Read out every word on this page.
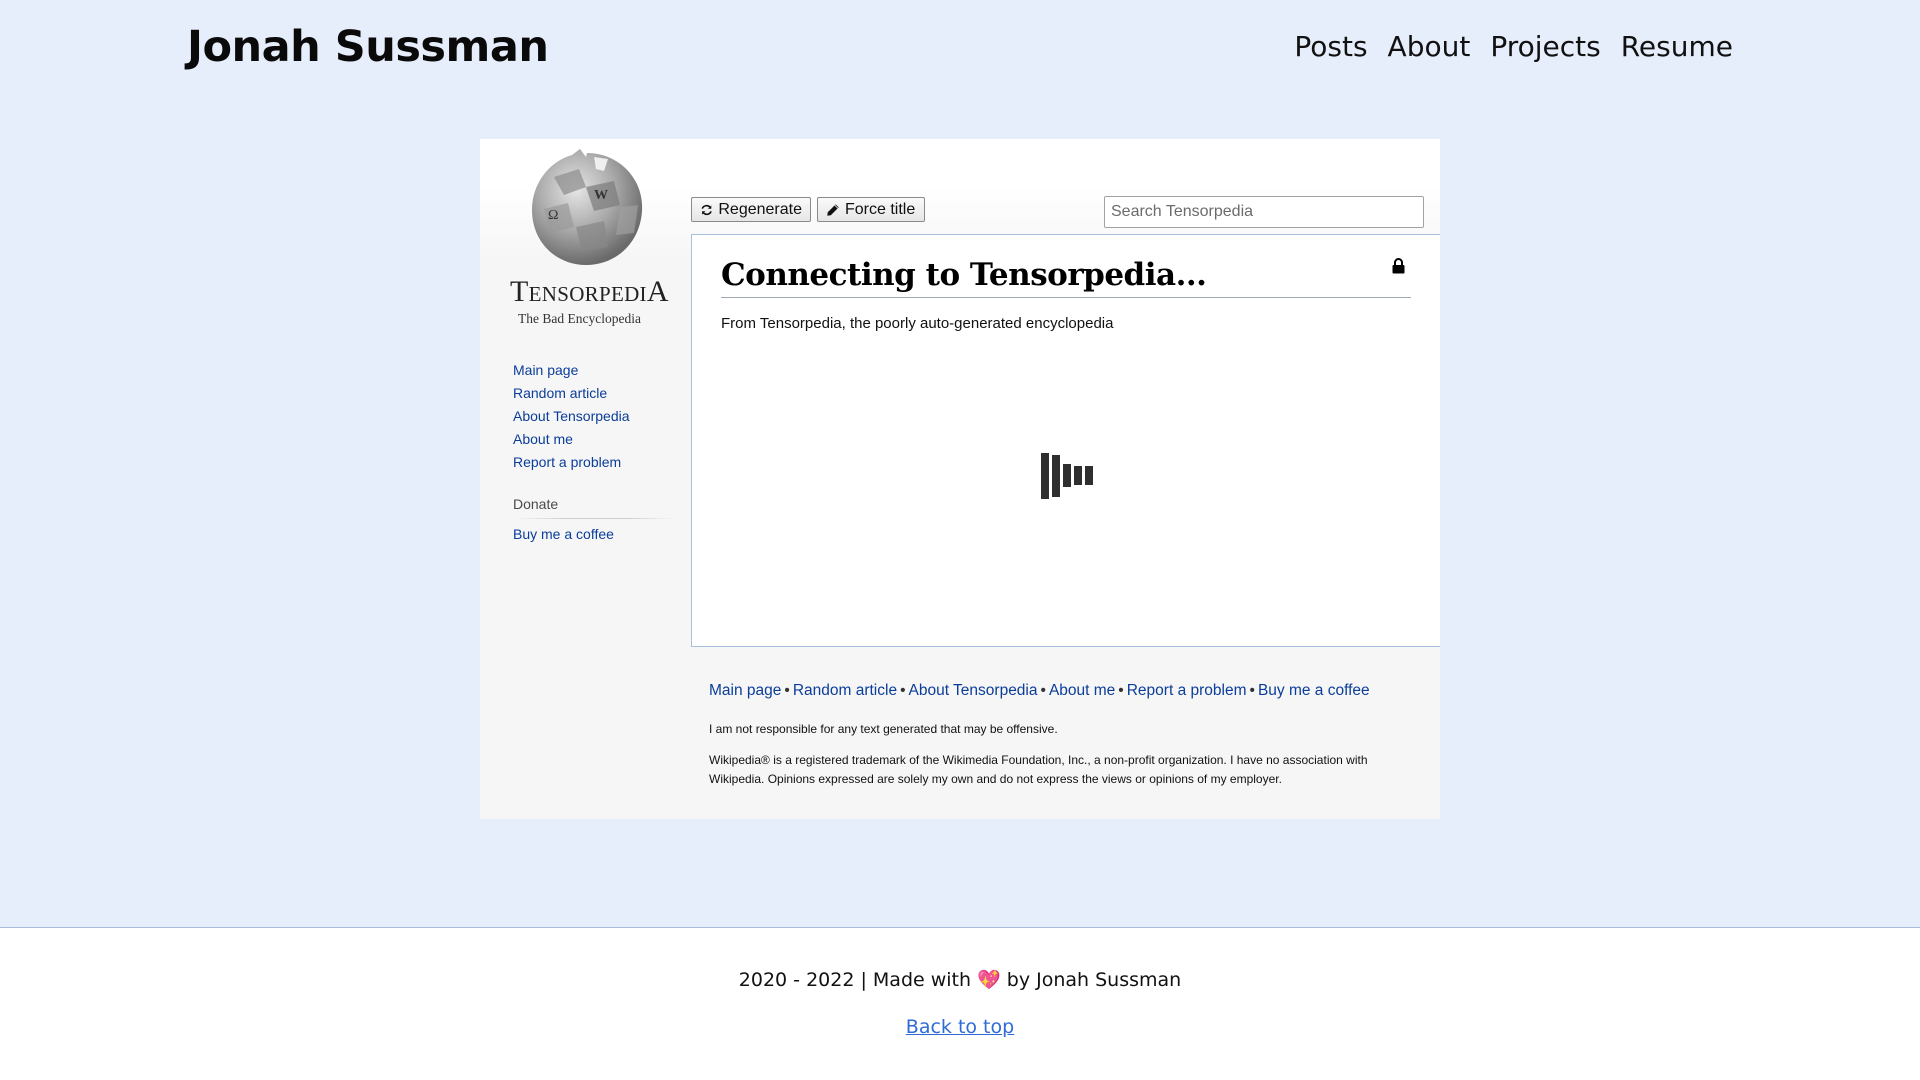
Jonah Sussman	Posts About Projects Resume
W
Ω
TENSORPEDIA
The Bad Encyclopedia
Main page
Random article
About Tensorpedia
About me
Report a problem
Donate
Buy me a coffee
Regenerate	Force title
Search Tensorpedia
Connecting to Tensorpedia...
From Tensorpedia, the poorly auto-generated encyclopedia
Main page • Random article • About Tensorpedia • About me • Report a problem • Buy me a coffee

I am not responsible for any text generated that may be offensive.

Wikipedia® is a registered trademark of the Wikimedia Foundation, Inc., a non-profit organization. I have no association with Wikipedia. Opinions expressed are solely my own and do not express the views or opinions of my employer.

2020 - 2022 | Made with 💖 by Jonah Sussman
Back to top
